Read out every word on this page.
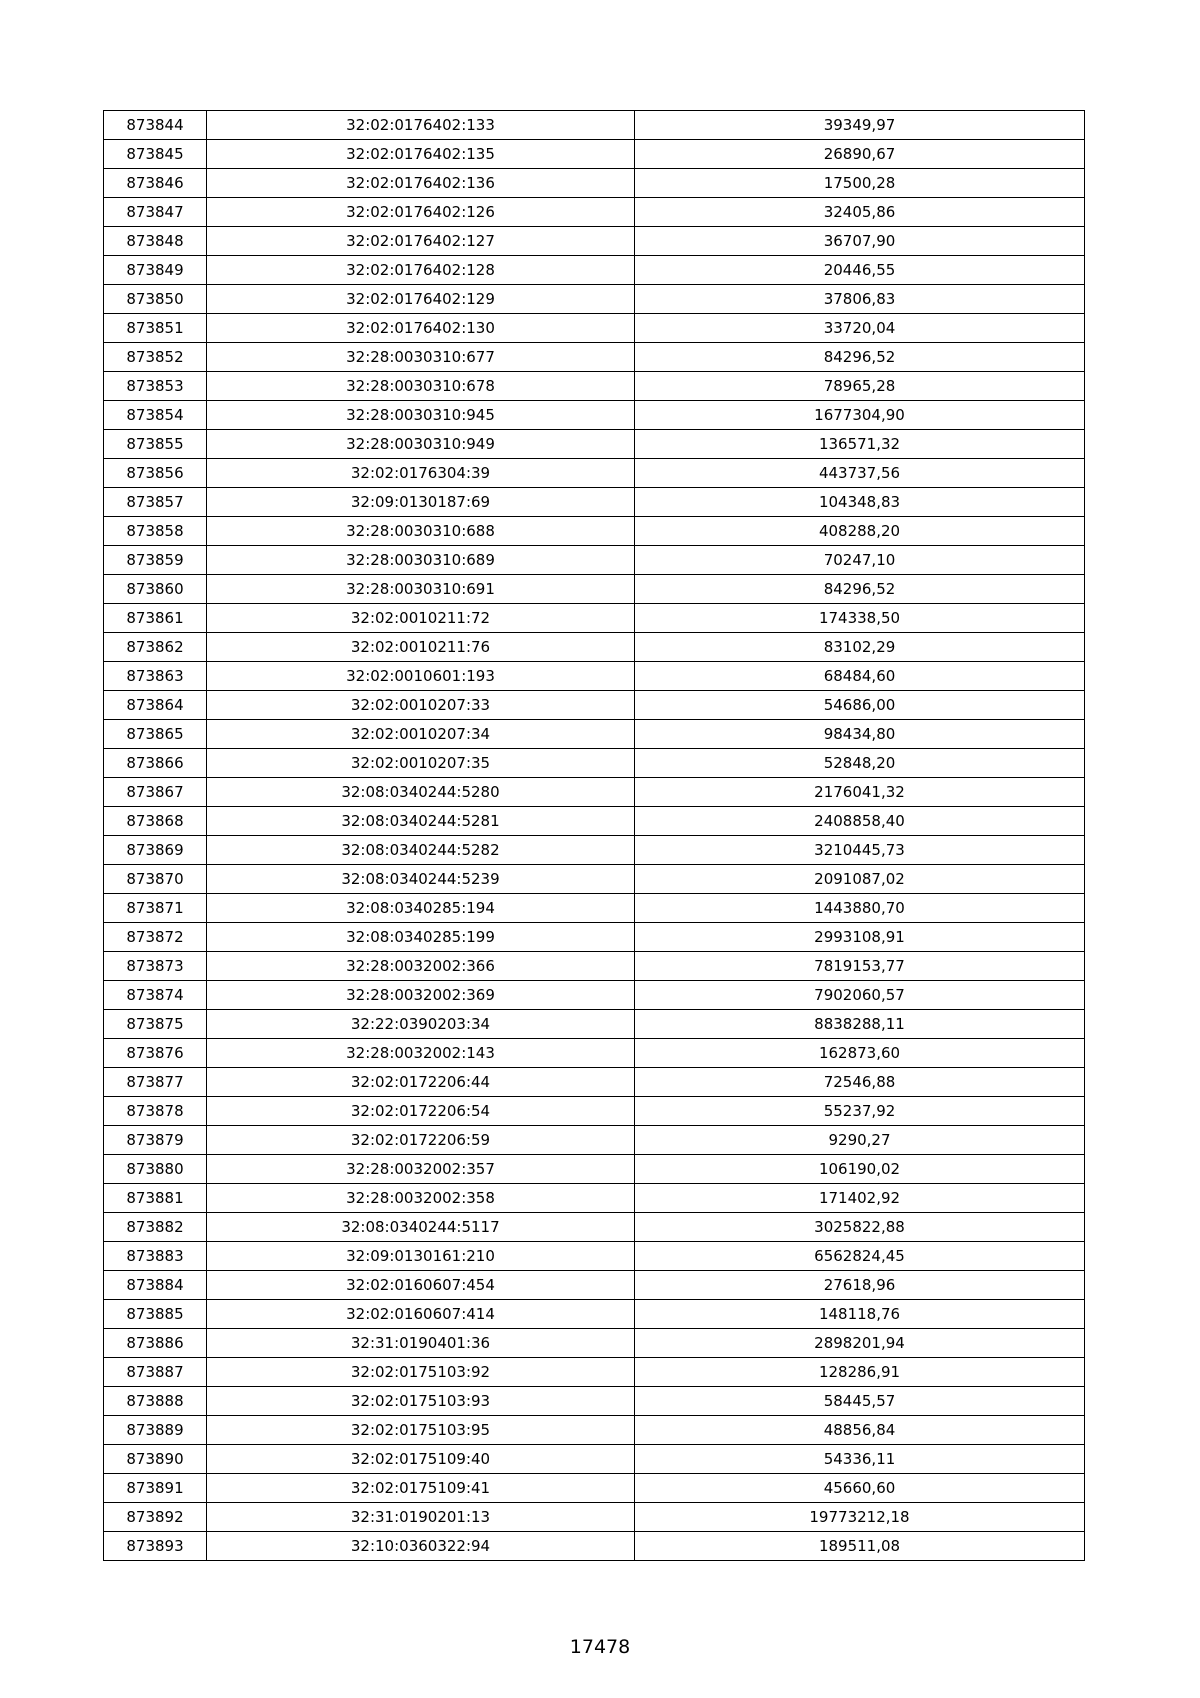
873844	32:02:0176402:133	39349,97
873845	32:02:0176402:135	26890,67
873846	32:02:0176402:136	17500,28
873847	32:02:0176402:126	32405,86
873848	32:02:0176402:127	36707,90
873849	32:02:0176402:128	20446,55
873850	32:02:0176402:129	37806,83
873851	32:02:0176402:130	33720,04
873852	32:28:0030310:677	84296,52
873853	32:28:0030310:678	78965,28
873854	32:28:0030310:945	1677304,90
873855	32:28:0030310:949	136571,32
873856	32:02:0176304:39	443737,56
873857	32:09:0130187:69	104348,83
873858	32:28:0030310:688	408288,20
873859	32:28:0030310:689	70247,10
873860	32:28:0030310:691	84296,52
873861	32:02:0010211:72	174338,50
873862	32:02:0010211:76	83102,29
873863	32:02:0010601:193	68484,60
873864	32:02:0010207:33	54686,00
873865	32:02:0010207:34	98434,80
873866	32:02:0010207:35	52848,20
873867	32:08:0340244:5280	2176041,32
873868	32:08:0340244:5281	2408858,40
873869	32:08:0340244:5282	3210445,73
873870	32:08:0340244:5239	2091087,02
873871	32:08:0340285:194	1443880,70
873872	32:08:0340285:199	2993108,91
873873	32:28:0032002:366	7819153,77
873874	32:28:0032002:369	7902060,57
873875	32:22:0390203:34	8838288,11
873876	32:28:0032002:143	162873,60
873877	32:02:0172206:44	72546,88
873878	32:02:0172206:54	55237,92
873879	32:02:0172206:59	9290,27
873880	32:28:0032002:357	106190,02
873881	32:28:0032002:358	171402,92
873882	32:08:0340244:5117	3025822,88
873883	32:09:0130161:210	6562824,45
873884	32:02:0160607:454	27618,96
873885	32:02:0160607:414	148118,76
873886	32:31:0190401:36	2898201,94
873887	32:02:0175103:92	128286,91
873888	32:02:0175103:93	58445,57
873889	32:02:0175103:95	48856,84
873890	32:02:0175109:40	54336,11
873891	32:02:0175109:41	45660,60
873892	32:31:0190201:13	19773212,18
873893	32:10:0360322:94	189511,08
17478
